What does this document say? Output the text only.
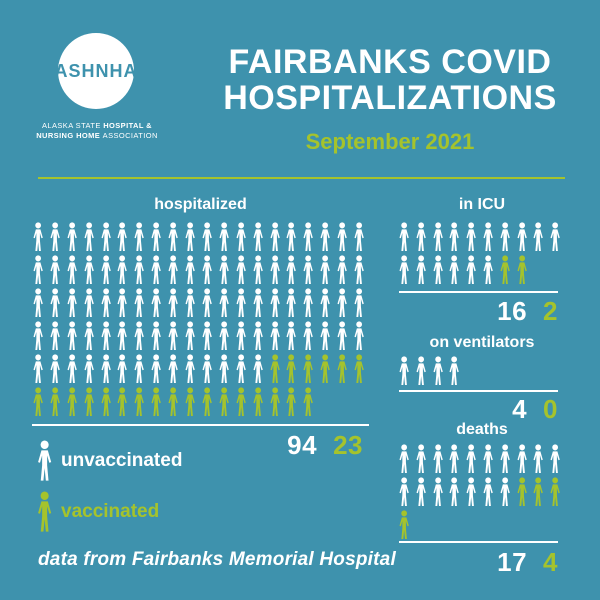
ASHNHA
ALASKA STATE HOSPITAL &
NURSING HOME ASSOCIATION
FAIRBANKS COVID
HOSPITALIZATIONS
September 2021
hospitalized
94 23
unvaccinated
vaccinated
data from Fairbanks Memorial Hospital
in ICU
16 2
on ventilators
4 0
deaths
17 4
